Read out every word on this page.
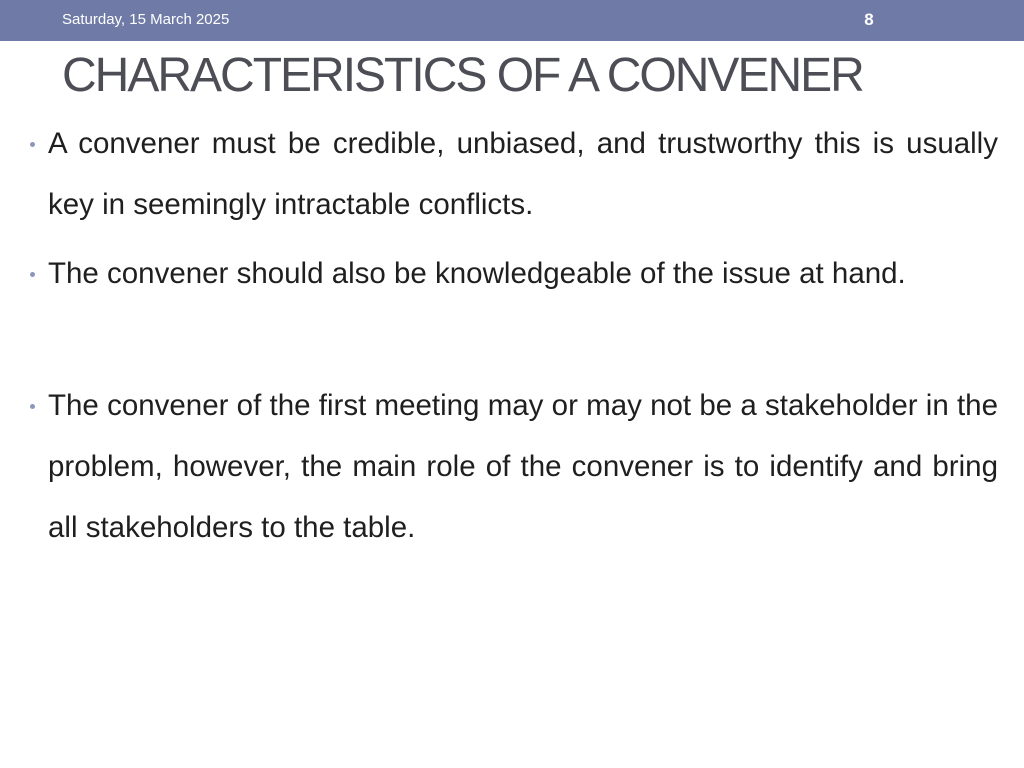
Saturday, 15 March 2025	8
CHARACTERISTICS OF A CONVENER

A convener must be credible, unbiased, and trustworthy this is usually key in seemingly intractable conflicts.

The convener should also be knowledgeable of the issue at hand.

The convener of the first meeting may or may not be a stakeholder in the problem, however, the main role of the convener is to identify and bring all stakeholders to the table.
